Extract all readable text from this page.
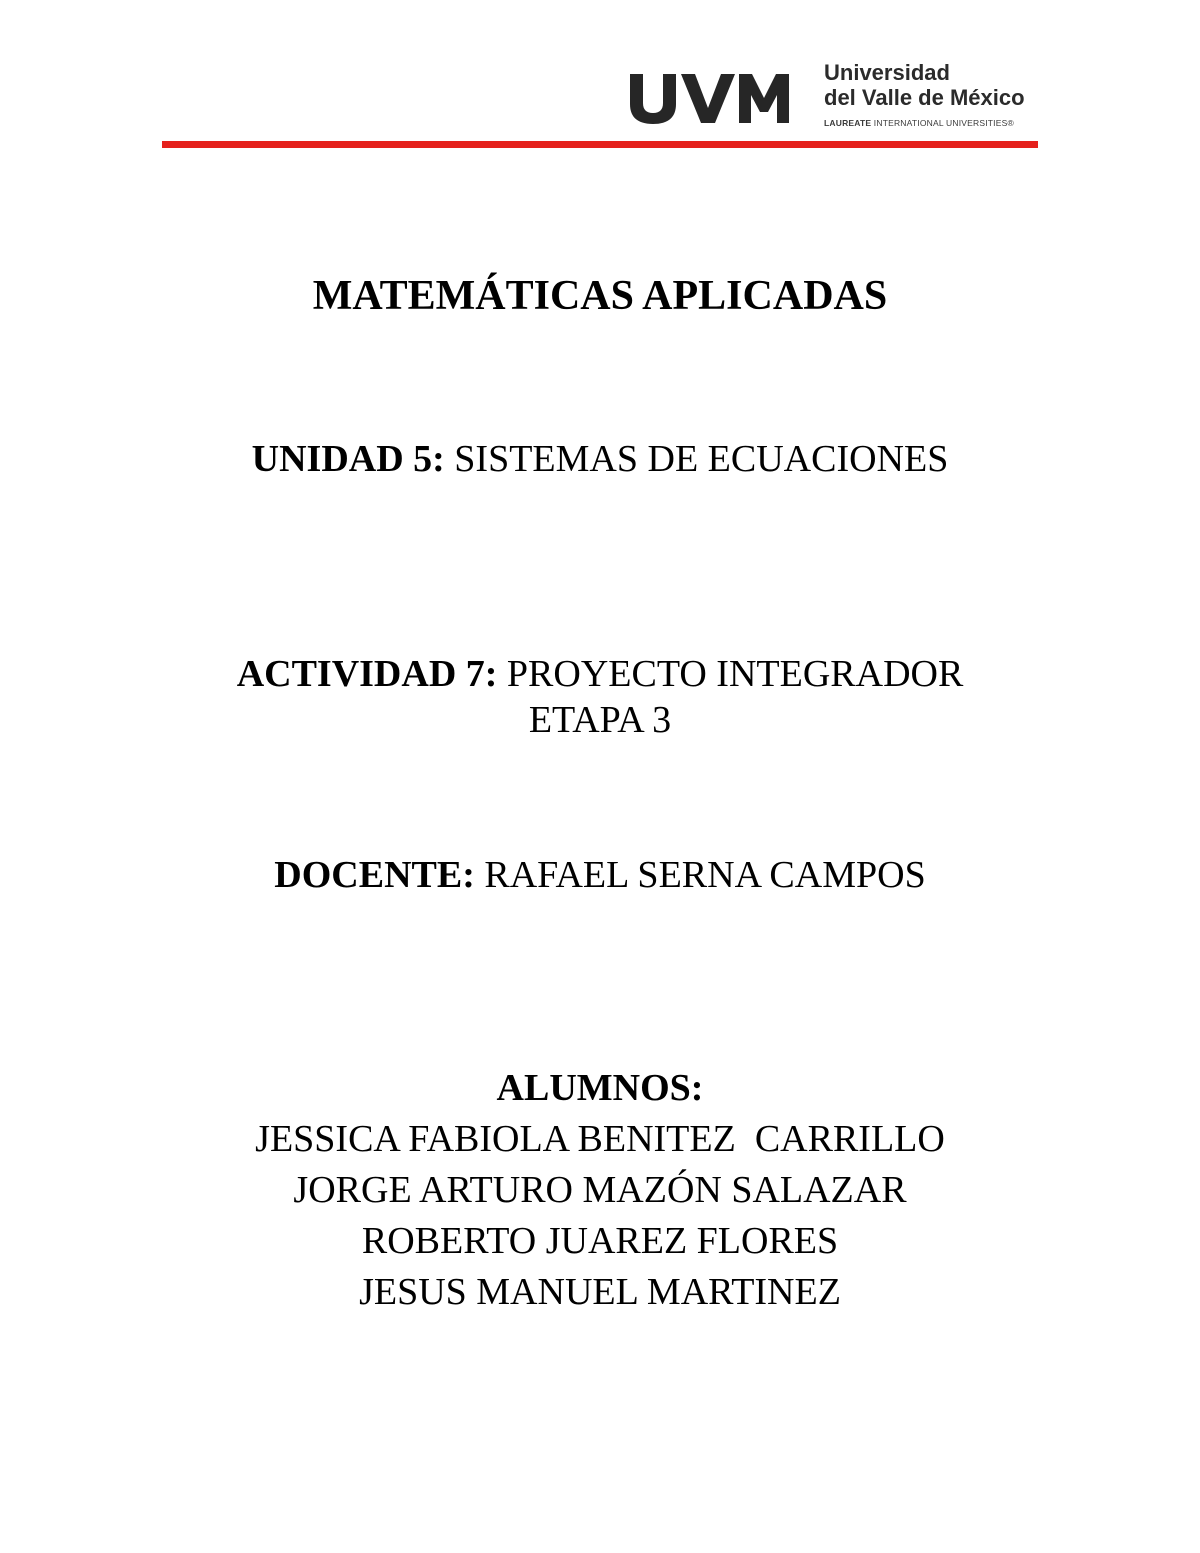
UVM	Universidad
del Valle de México
LAUREATE INTERNATIONAL UNIVERSITIES®
MATEMÁTICAS APLICADAS
UNIDAD 5: SISTEMAS DE ECUACIONES
ACTIVIDAD 7: PROYECTO INTEGRADOR
ETAPA 3
DOCENTE: RAFAEL SERNA CAMPOS
ALUMNOS:
JESSICA FABIOLA BENITEZ  CARRILLO
JORGE ARTURO MAZÓN SALAZAR
ROBERTO JUAREZ FLORES
JESUS MANUEL MARTINEZ
